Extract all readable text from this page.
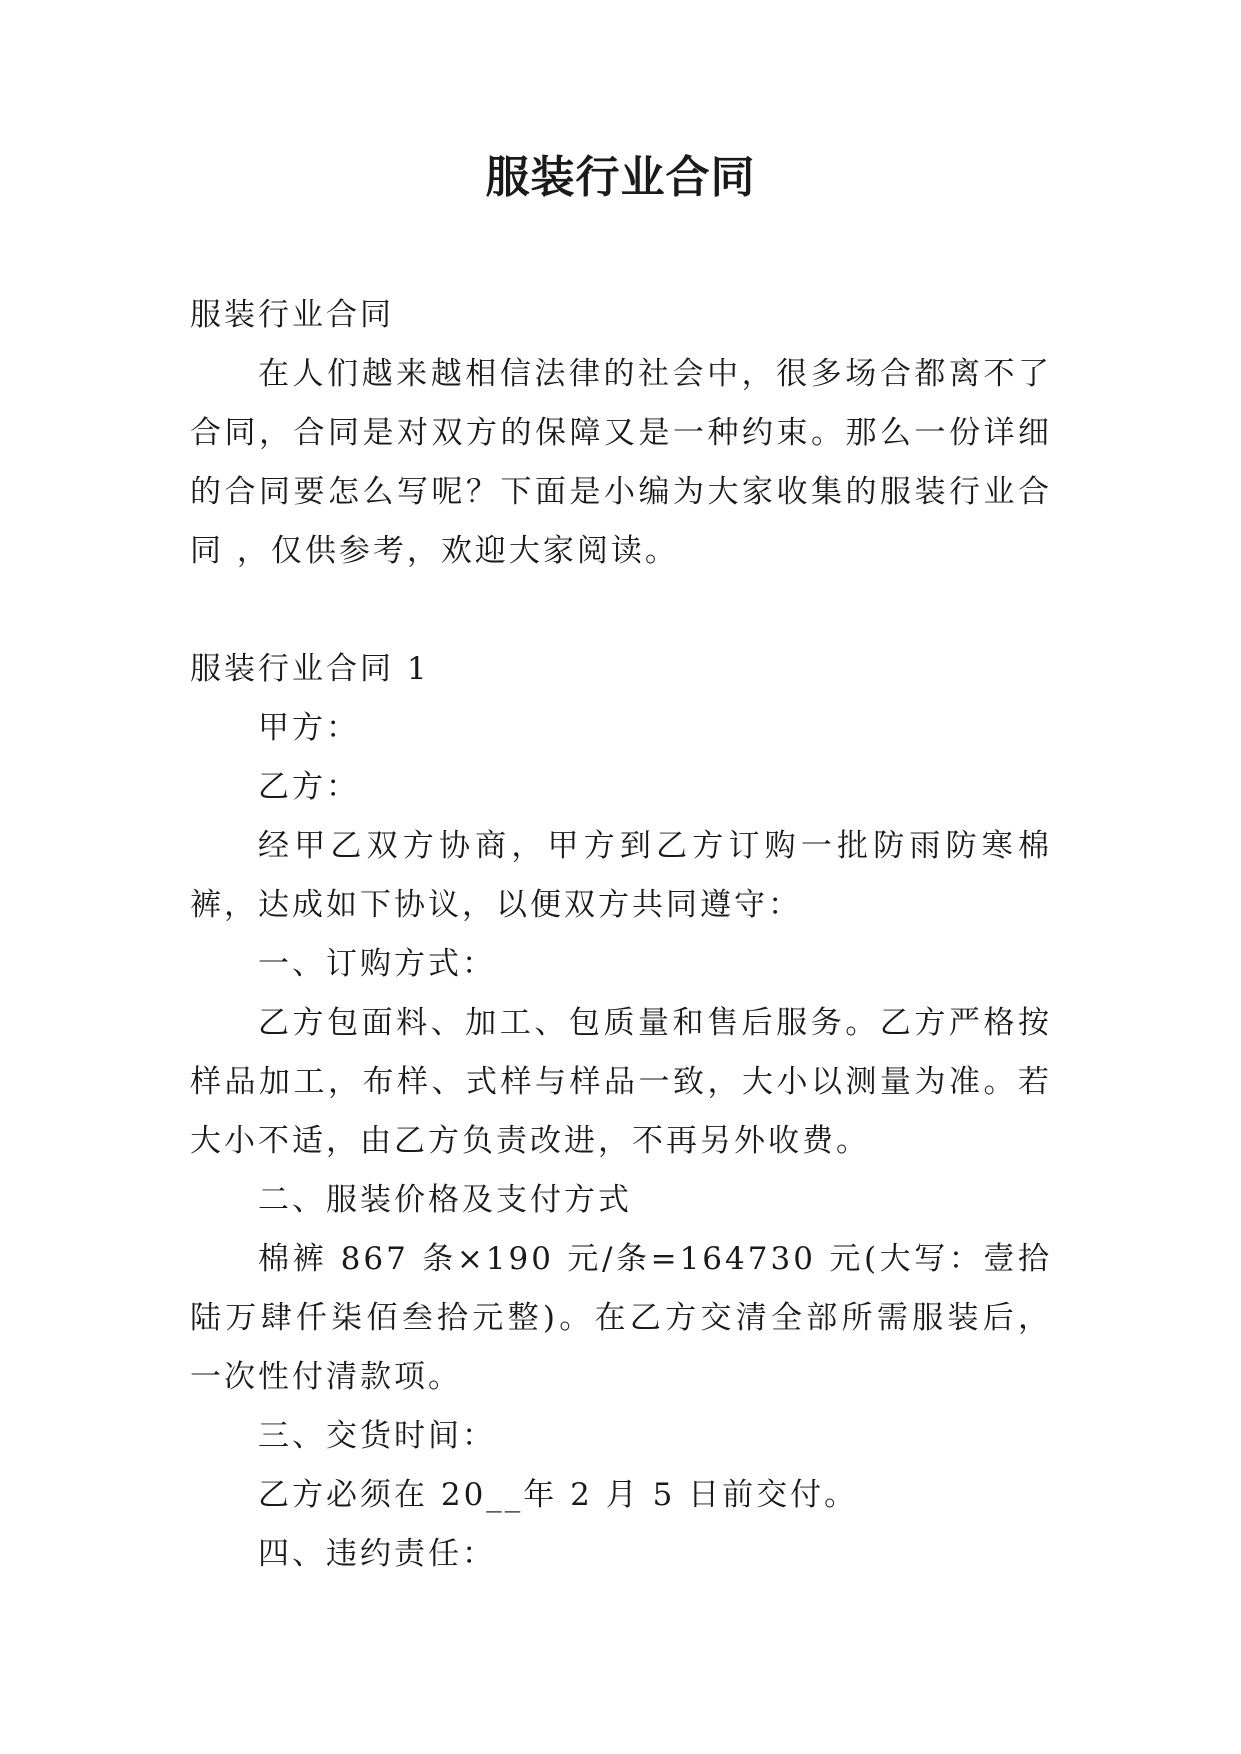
服装行业合同

服装行业合同

在人们越来越相信法律的社会中，很多场合都离不了合同，合同是对双方的保障又是一种约束。那么一份详细的合同要怎么写呢？下面是小编为大家收集的服装行业合同 ，仅供参考，欢迎大家阅读。

服装行业合同 1

甲方：

乙方：

经甲乙双方协商，甲方到乙方订购一批防雨防寒棉裤，达成如下协议，以便双方共同遵守：

一、订购方式：

乙方包面料、加工、包质量和售后服务。乙方严格按样品加工，布样、式样与样品一致，大小以测量为准。若大小不适，由乙方负责改进，不再另外收费。

二、服装价格及支付方式

棉裤 867 条×190 元/条=164730 元(大写：壹拾陆万肆仟柒佰叁拾元整)。在乙方交清全部所需服装后，一次性付清款项。

三、交货时间：

乙方必须在 20__年 2 月 5 日前交付。

四、违约责任：
